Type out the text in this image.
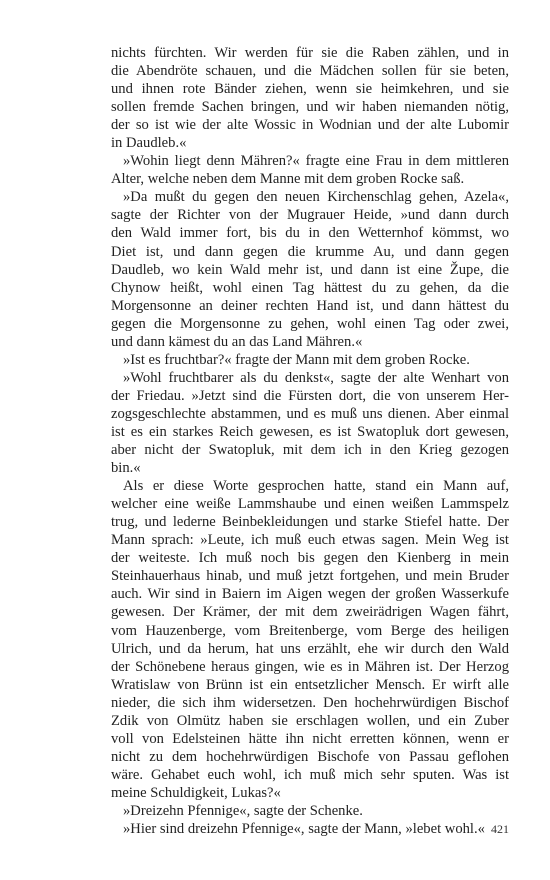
nichts fürchten. Wir werden für sie die Raben zählen, und in
die Abendröte schauen, und die Mädchen sollen für sie beten,
und ihnen rote Bänder ziehen, wenn sie heimkehren, und sie
sollen fremde Sachen bringen, und wir haben niemanden nötig,
der so ist wie der alte Wossic in Wodnian und der alte Lubomir
in Daudleb.«
»Wohin liegt denn Mähren?« fragte eine Frau in dem mittleren
Alter, welche neben dem Manne mit dem groben Rocke saß.
»Da mußt du gegen den neuen Kirchenschlag gehen, Azela«,
sagte der Richter von der Mugrauer Heide, »und dann durch
den Wald immer fort, bis du in den Wetternhof kömmst, wo
Diet ist, und dann gegen die krumme Au, und dann gegen
Daudleb, wo kein Wald mehr ist, und dann ist eine Župe, die
Chynow heißt, wohl einen Tag hättest du zu gehen, da die
Morgensonne an deiner rechten Hand ist, und dann hättest du
gegen die Morgensonne zu gehen, wohl einen Tag oder zwei,
und dann kämest du an das Land Mähren.«
»Ist es fruchtbar?« fragte der Mann mit dem groben Rocke.
»Wohl fruchtbarer als du denkst«, sagte der alte Wenhart von
der Friedau. »Jetzt sind die Fürsten dort, die von unserem Her-
zogsgeschlechte abstammen, und es muß uns dienen. Aber einmal
ist es ein starkes Reich gewesen, es ist Swatopluk dort gewesen,
aber nicht der Swatopluk, mit dem ich in den Krieg gezogen
bin.«
Als er diese Worte gesprochen hatte, stand ein Mann auf,
welcher eine weiße Lammshaube und einen weißen Lammspelz
trug, und lederne Beinbekleidungen und starke Stiefel hatte. Der
Mann sprach: »Leute, ich muß euch etwas sagen. Mein Weg ist
der weiteste. Ich muß noch bis gegen den Kienberg in mein
Steinhauerhaus hinab, und muß jetzt fortgehen, und mein Bruder
auch. Wir sind in Baiern im Aigen wegen der großen Wasserkufe
gewesen. Der Krämer, der mit dem zweirädrigen Wagen fährt,
vom Hauzenberge, vom Breitenberge, vom Berge des heiligen
Ulrich, und da herum, hat uns erzählt, ehe wir durch den Wald
der Schönebene heraus gingen, wie es in Mähren ist. Der Herzog
Wratislaw von Brünn ist ein entsetzlicher Mensch. Er wirft alle
nieder, die sich ihm widersetzen. Den hochehrwürdigen Bischof
Zdik von Olmütz haben sie erschlagen wollen, und ein Zuber
voll von Edelsteinen hätte ihn nicht erretten können, wenn er
nicht zu dem hochehrwürdigen Bischofe von Passau geflohen
wäre. Gehabet euch wohl, ich muß mich sehr sputen. Was ist
meine Schuldigkeit, Lukas?«
»Dreizehn Pfennige«, sagte der Schenke.
»Hier sind dreizehn Pfennige«, sagte der Mann, »lebet wohl.« 421
